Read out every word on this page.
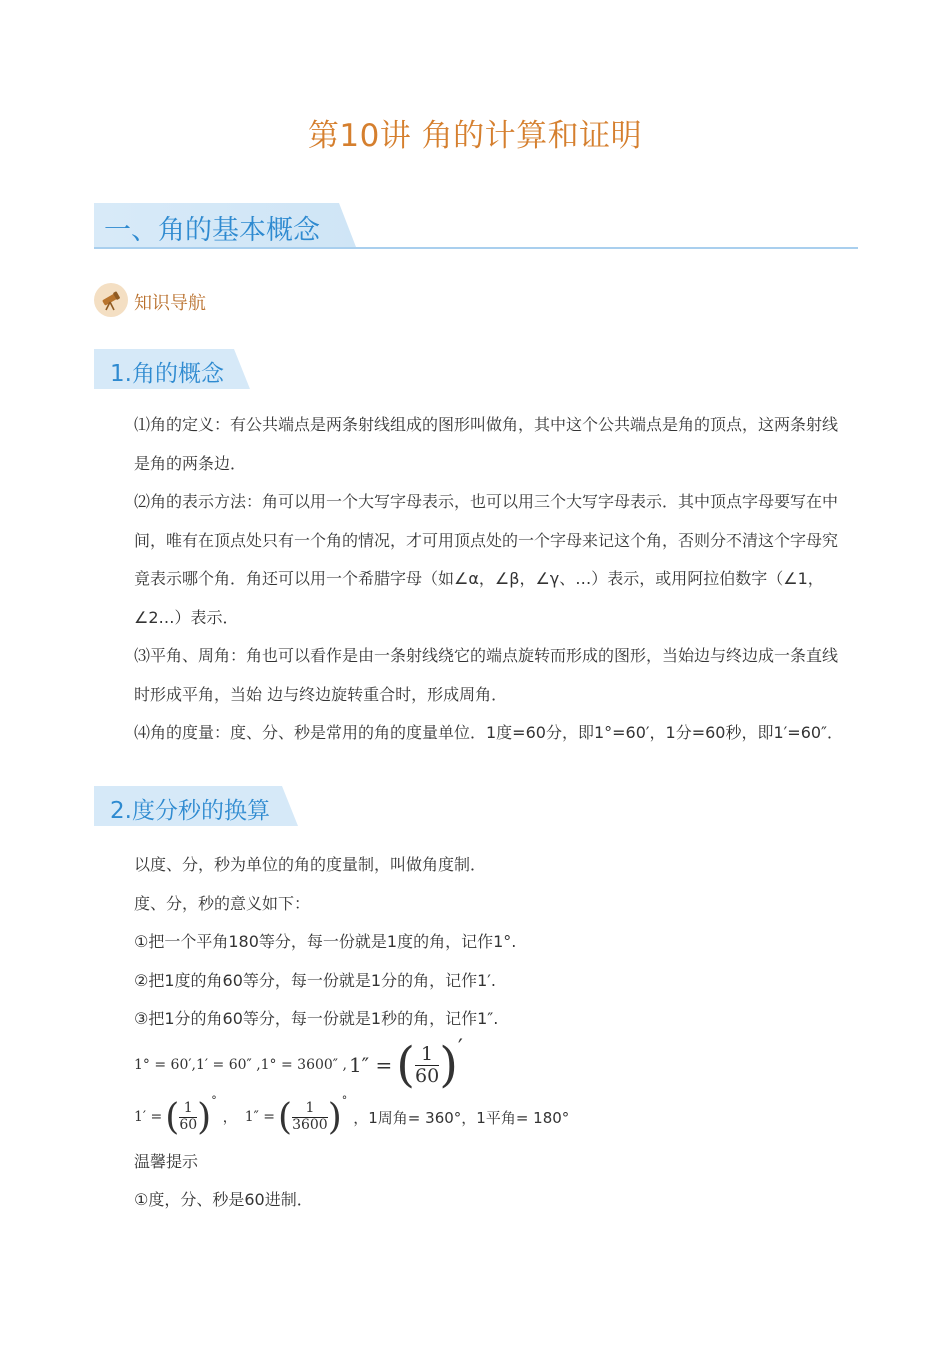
第10讲 角的计算和证明
一、角的基本概念
知识导航
1.角的概念

⑴角的定义：有公共端点是两条射线组成的图形叫做角，其中这个公共端点是角的顶点，这两条射线是角的两条边．

⑵角的表示方法：角可以用一个大写字母表示，也可以用三个大写字母表示．其中顶点字母要写在中间，唯有在顶点处只有一个角的情况，才可用顶点处的一个字母来记这个角，否则分不清这个字母究竟表示哪个角．角还可以用一个希腊字母（如∠α，∠β，∠γ、…）表示，或用阿拉伯数字（∠1，∠2…）表示．

⑶平角、周角：角也可以看作是由一条射线绕它的端点旋转而形成的图形，当始边与终边成一条直线时形成平角，当始 边与终边旋转重合时，形成周角．

⑷角的度量：度、分、秒是常用的角的度量单位．1度=60分，即1°=60′，1分=60秒，即1′=60″．

2.度分秒的换算
以度、分，秒为单位的角的度量制，叫做角度制．
度、分，秒的意义如下：
①把一个平角180等分，每一份就是1度的角，记作1°.
②把1度的角60等分，每一份就是1分的角，记作1′.
③把1分的角60等分，每一份就是1秒的角，记作1″.
1° = 60′,1′ = 60″ ,1° = 3600″ , 1″ = ( $\frac{1}{60}$ ) ′
1′ = ( $\frac{1}{60}$ ) °
， 1″ = ( $\frac{1}{3600}$ ) °
，1周角= 360°，1平角= 180°
温馨提示
①度，分、秒是60进制．
